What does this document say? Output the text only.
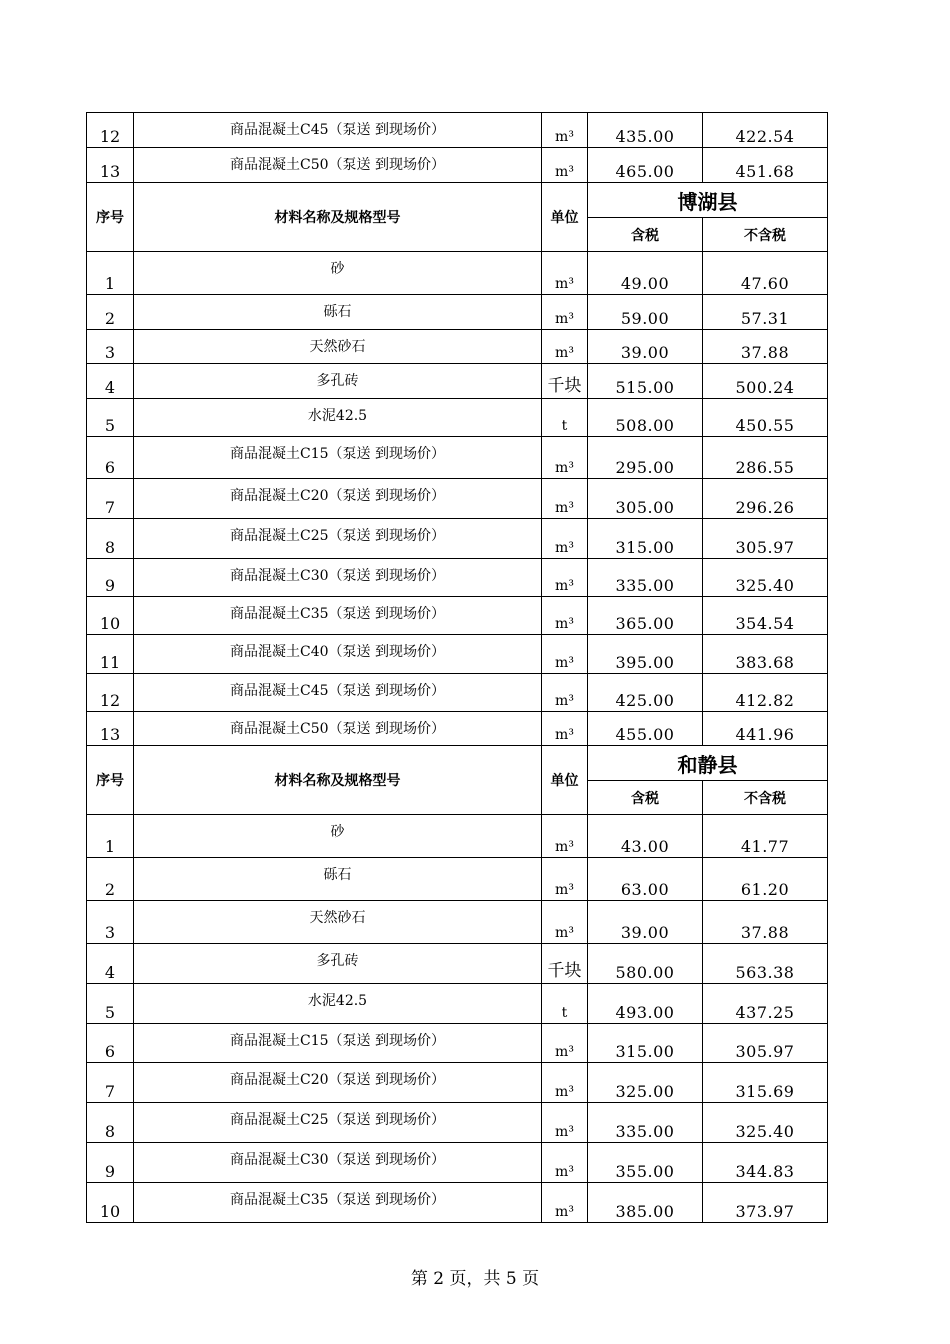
12	商品混凝土C45（泵送 到现场价）	m³	435.00	422.54
13	商品混凝土C50（泵送 到现场价）	m³	465.00	451.68
序号	材料名称及规格型号	单位	博湖县	
			含税	不含税
1	砂	m³	49.00	47.60
2	砾石	m³	59.00	57.31
3	天然砂石	m³	39.00	37.88
4	多孔砖	千块	515.00	500.24
5	水泥42.5	t	508.00	450.55
6	商品混凝土C15（泵送 到现场价）	m³	295.00	286.55
7	商品混凝土C20（泵送 到现场价）	m³	305.00	296.26
8	商品混凝土C25（泵送 到现场价）	m³	315.00	305.97
9	商品混凝土C30（泵送 到现场价）	m³	335.00	325.40
10	商品混凝土C35（泵送 到现场价）	m³	365.00	354.54
11	商品混凝土C40（泵送 到现场价）	m³	395.00	383.68
12	商品混凝土C45（泵送 到现场价）	m³	425.00	412.82
13	商品混凝土C50（泵送 到现场价）	m³	455.00	441.96
序号	材料名称及规格型号	单位	和静县	
			含税	不含税
1	砂	m³	43.00	41.77
2	砾石	m³	63.00	61.20
3	天然砂石	m³	39.00	37.88
4	多孔砖	千块	580.00	563.38
5	水泥42.5	t	493.00	437.25
6	商品混凝土C15（泵送 到现场价）	m³	315.00	305.97
7	商品混凝土C20（泵送 到现场价）	m³	325.00	315.69
8	商品混凝土C25（泵送 到现场价）	m³	335.00	325.40
9	商品混凝土C30（泵送 到现场价）	m³	355.00	344.83
10	商品混凝土C35（泵送 到现场价）	m³	385.00	373.97
第 2 页，共 5 页
